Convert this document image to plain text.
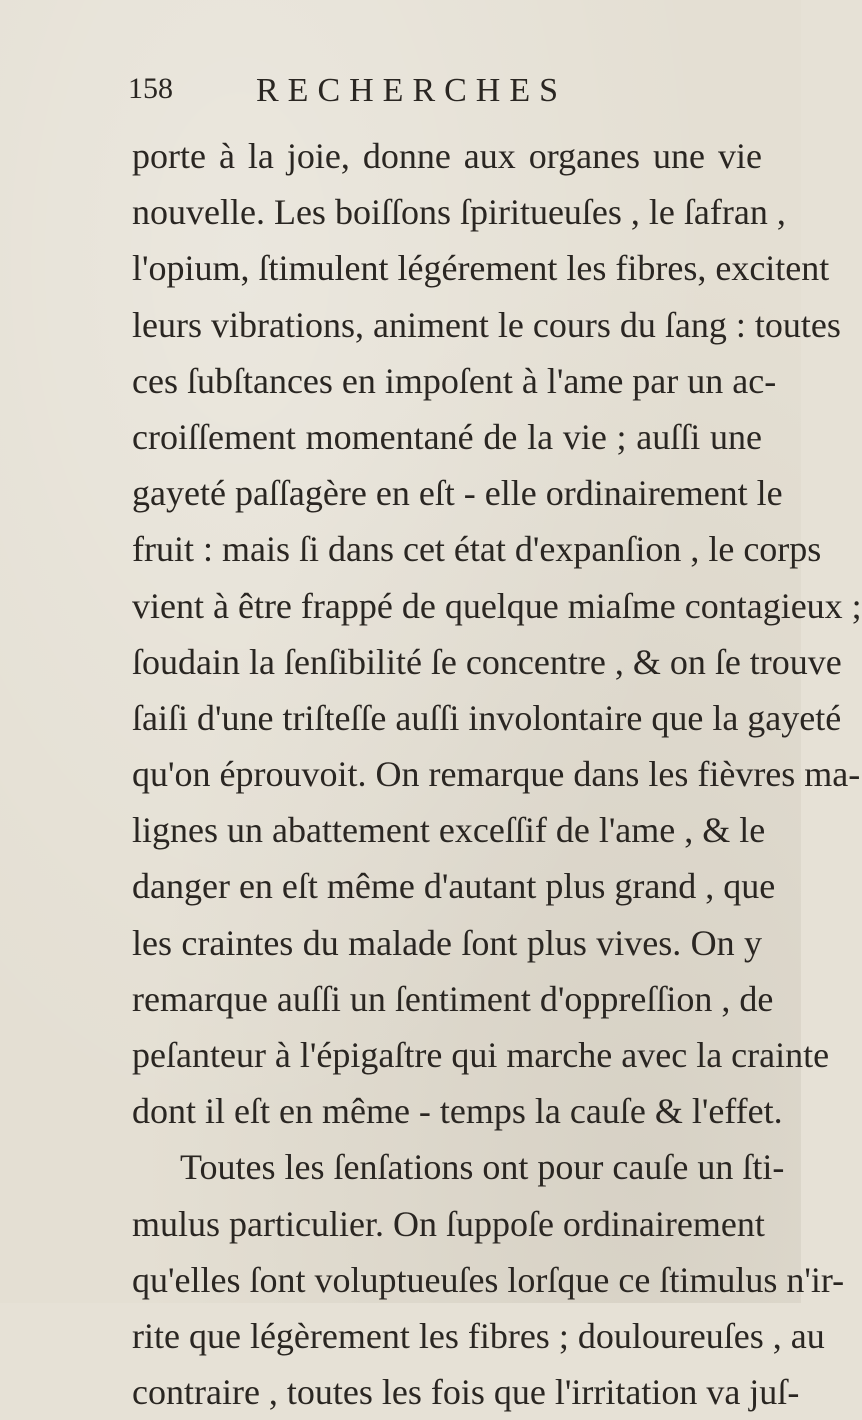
158 RECHERCHES
porte à la joie, donne aux organes une vie
nouvelle. Les boiſſons ſpiritueuſes , le ſafran ,
l'opium, ſtimulent légérement les fibres, excitent
leurs vibrations, animent le cours du ſang : toutes
ces ſubſtances en impoſent à l'ame par un ac-
croiſſement momentané de la vie ; auſſi une
gayeté paſſagère en eſt - elle ordinairement le
fruit : mais ſi dans cet état d'expanſion , le corps
vient à être frappé de quelque miaſme contagieux ;
ſoudain la ſenſibilité ſe concentre , & on ſe trouve
ſaiſi d'une triſteſſe auſſi involontaire que la gayeté
qu'on éprouvoit. On remarque dans les fièvres ma-
lignes un abattement exceſſif de l'ame , & le
danger en eſt même d'autant plus grand , que
les craintes du malade ſont plus vives. On y
remarque auſſi un ſentiment d'oppreſſion , de
peſanteur à l'épigaſtre qui marche avec la crainte
dont il eſt en même - temps la cauſe & l'effet.
Toutes les ſenſations ont pour cauſe un ſti-
mulus particulier. On ſuppoſe ordinairement
qu'elles ſont voluptueuſes lorſque ce ſtimulus n'ir-
rite que légèrement les fibres ; douloureuſes , au
contraire , toutes les fois que l'irritation va juſ-
